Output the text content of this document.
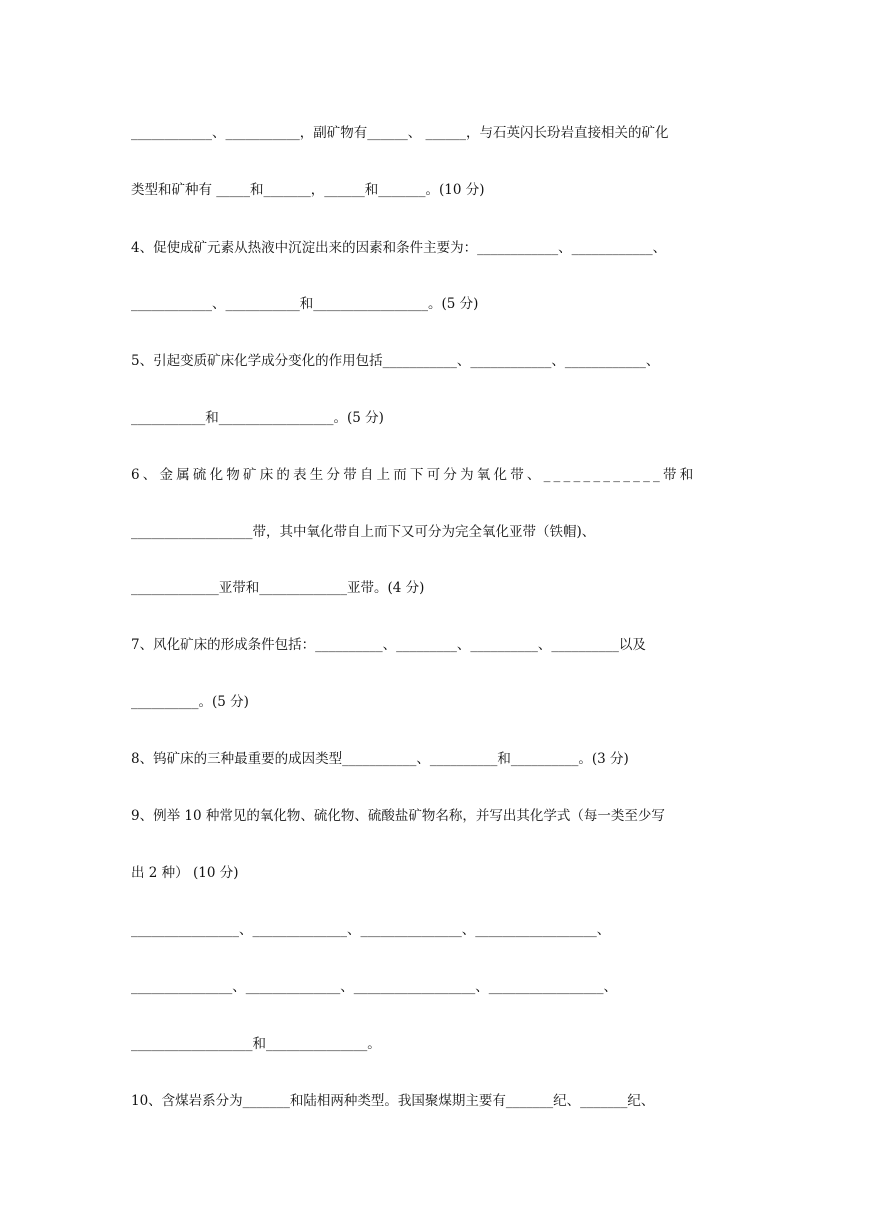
____________、___________，副矿物有______、 ______，与石英闪长玢岩直接相关的矿化
类型和矿种有 _____和_______，______和_______。(10 分)
4、促使成矿元素从热液中沉淀出来的因素和条件主要为：____________、____________、
____________、___________和_________________。(5 分)
5、引起变质矿床化学成分变化的作用包括___________、____________、____________、
___________和_________________。(5 分)
6、金属硫化物矿床的表生分带自上而下可分为氧化带、____________带和
__________________带，其中氧化带自上而下又可分为完全氧化亚带（铁帽)、
_____________亚带和_____________亚带。(4 分)
7、风化矿床的形成条件包括：__________、_________、__________、__________以及
__________。(5 分)
8、钨矿床的三种最重要的成因类型___________、__________和__________。(3 分)
9、例举 10 种常见的氧化物、硫化物、硫酸盐矿物名称，并写出其化学式（每一类至少写
出 2 种） (10 分)
________________、______________、_______________、__________________、
_______________、______________、__________________、_________________、
__________________和_______________。
10、含煤岩系分为_______和陆相两种类型。我国聚煤期主要有_______纪、_______纪、
